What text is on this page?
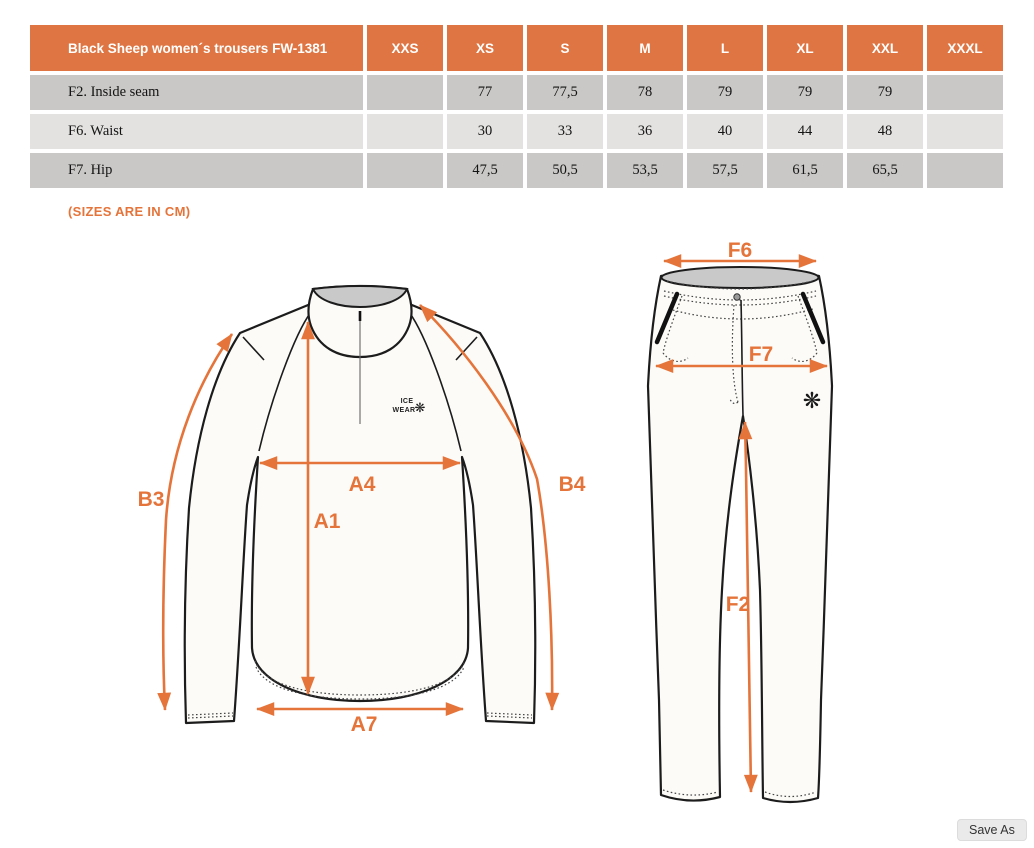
Black Sheep women´s trousers FW-1381	XXS	XS	S	M	L	XL	XXL	XXXL
F2. Inside seam		77	77,5	78	79	79	79	
F6. Waist		30	33	36	40	44	48	
F7. Hip		47,5	50,5	53,5	57,5	61,5	65,5	
(SIZES ARE IN CM)
ICE
WEAR ❋
B3
A4
A1
B4
A7
❋
F6
F7
F2
Save As
